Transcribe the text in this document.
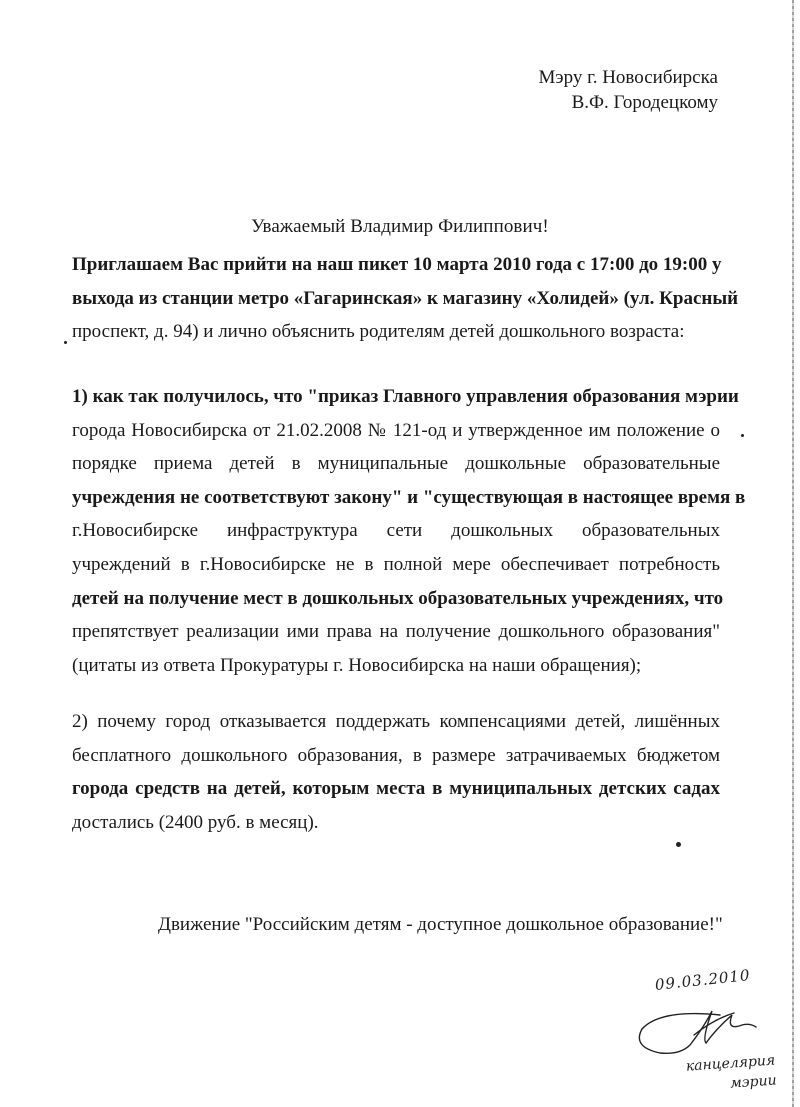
Мэру г. Новосибирска
В.Ф. Городецкому
Уважаемый Владимир Филиппович!
Приглашаем Вас прийти на наш пикет 10 марта 2010 года с 17:00 до 19:00 у
выхода из станции метро «Гагаринская» к магазину «Холидей» (ул. Красный
проспект, д. 94) и лично объяснить родителям детей дошкольного возраста:
1) как так получилось, что "приказ Главного управления образования мэрии
города Новосибирска от 21.02.2008 № 121-од и утвержденное им положение о
порядке приема детей в муниципальные дошкольные образовательные
учреждения не соответствуют закону" и "существующая в настоящее время в
г.Новосибирске инфраструктура сети дошкольных образовательных
учреждений в г.Новосибирске не в полной мере обеспечивает потребность
детей на получение мест в дошкольных образовательных учреждениях, что
препятствует реализации ими права на получение дошкольного образования"
(цитаты из ответа Прокуратуры г. Новосибирска на наши обращения);
2) почему город отказывается поддержать компенсациями детей, лишённых
бесплатного дошкольного образования, в размере затрачиваемых бюджетом
города средств на детей, которым места в муниципальных детских садах
достались (2400 руб. в месяц).
Движение "Российским детям - доступное дошкольное образование!"
09.03.2010
канцелярия мэрии
